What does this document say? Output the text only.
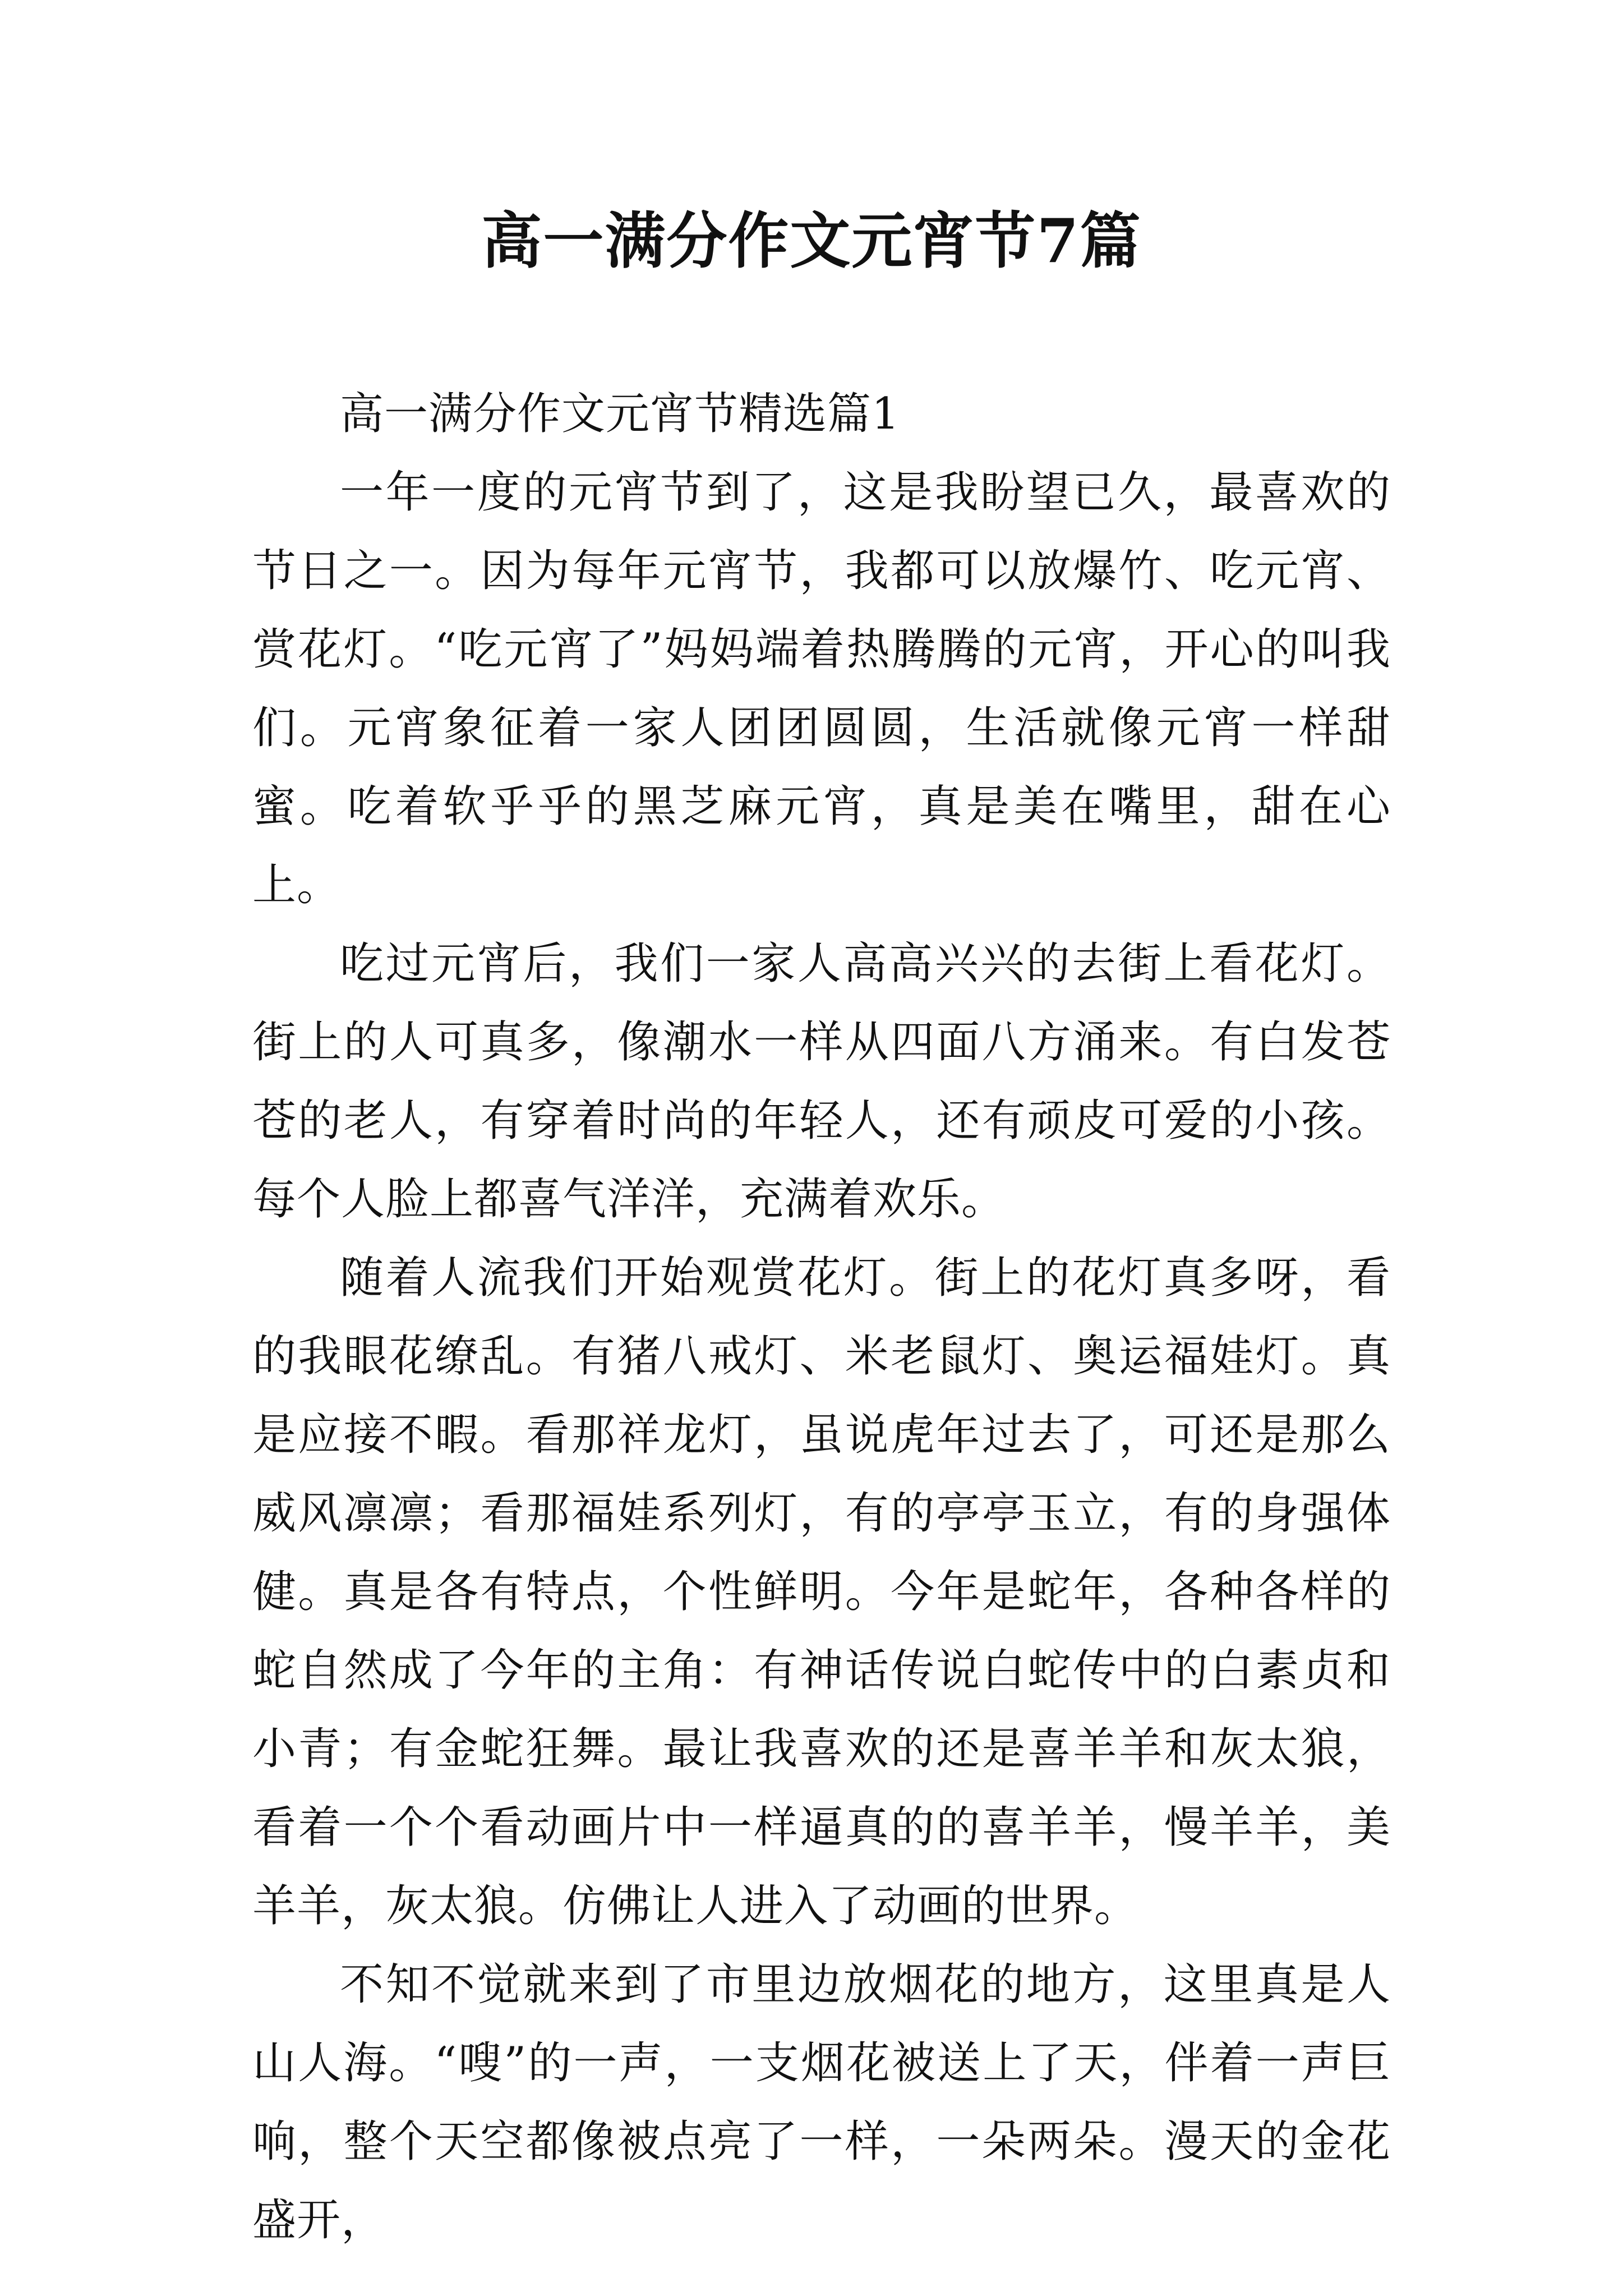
高一满分作文元宵节7篇

高一满分作文元宵节精选篇1

一年一度的元宵节到了，这是我盼望已久，最喜欢的节日之一。因为每年元宵节，我都可以放爆竹、吃元宵、赏花灯。“吃元宵了”妈妈端着热腾腾的元宵，开心的叫我们。元宵象征着一家人团团圆圆，生活就像元宵一样甜蜜。吃着软乎乎的黑芝麻元宵，真是美在嘴里，甜在心上。

吃过元宵后，我们一家人高高兴兴的去街上看花灯。街上的人可真多，像潮水一样从四面八方涌来。有白发苍苍的老人，有穿着时尚的年轻人，还有顽皮可爱的小孩。每个人脸上都喜气洋洋，充满着欢乐。

随着人流我们开始观赏花灯。街上的花灯真多呀，看的我眼花缭乱。有猪八戒灯、米老鼠灯、奥运福娃灯。真是应接不暇。看那祥龙灯，虽说虎年过去了，可还是那么威风凛凛；看那福娃系列灯，有的亭亭玉立，有的身强体健。真是各有特点，个性鲜明。今年是蛇年，各种各样的蛇自然成了今年的主角：有神话传说白蛇传中的白素贞和小青；有金蛇狂舞。最让我喜欢的还是喜羊羊和灰太狼，看着一个个看动画片中一样逼真的的喜羊羊，慢羊羊，美羊羊，灰太狼。仿佛让人进入了动画的世界。

不知不觉就来到了市里边放烟花的地方，这里真是人山人海。“嗖”的一声，一支烟花被送上了天，伴着一声巨响，整个天空都像被点亮了一样，一朵两朵。漫天的金花盛开，
